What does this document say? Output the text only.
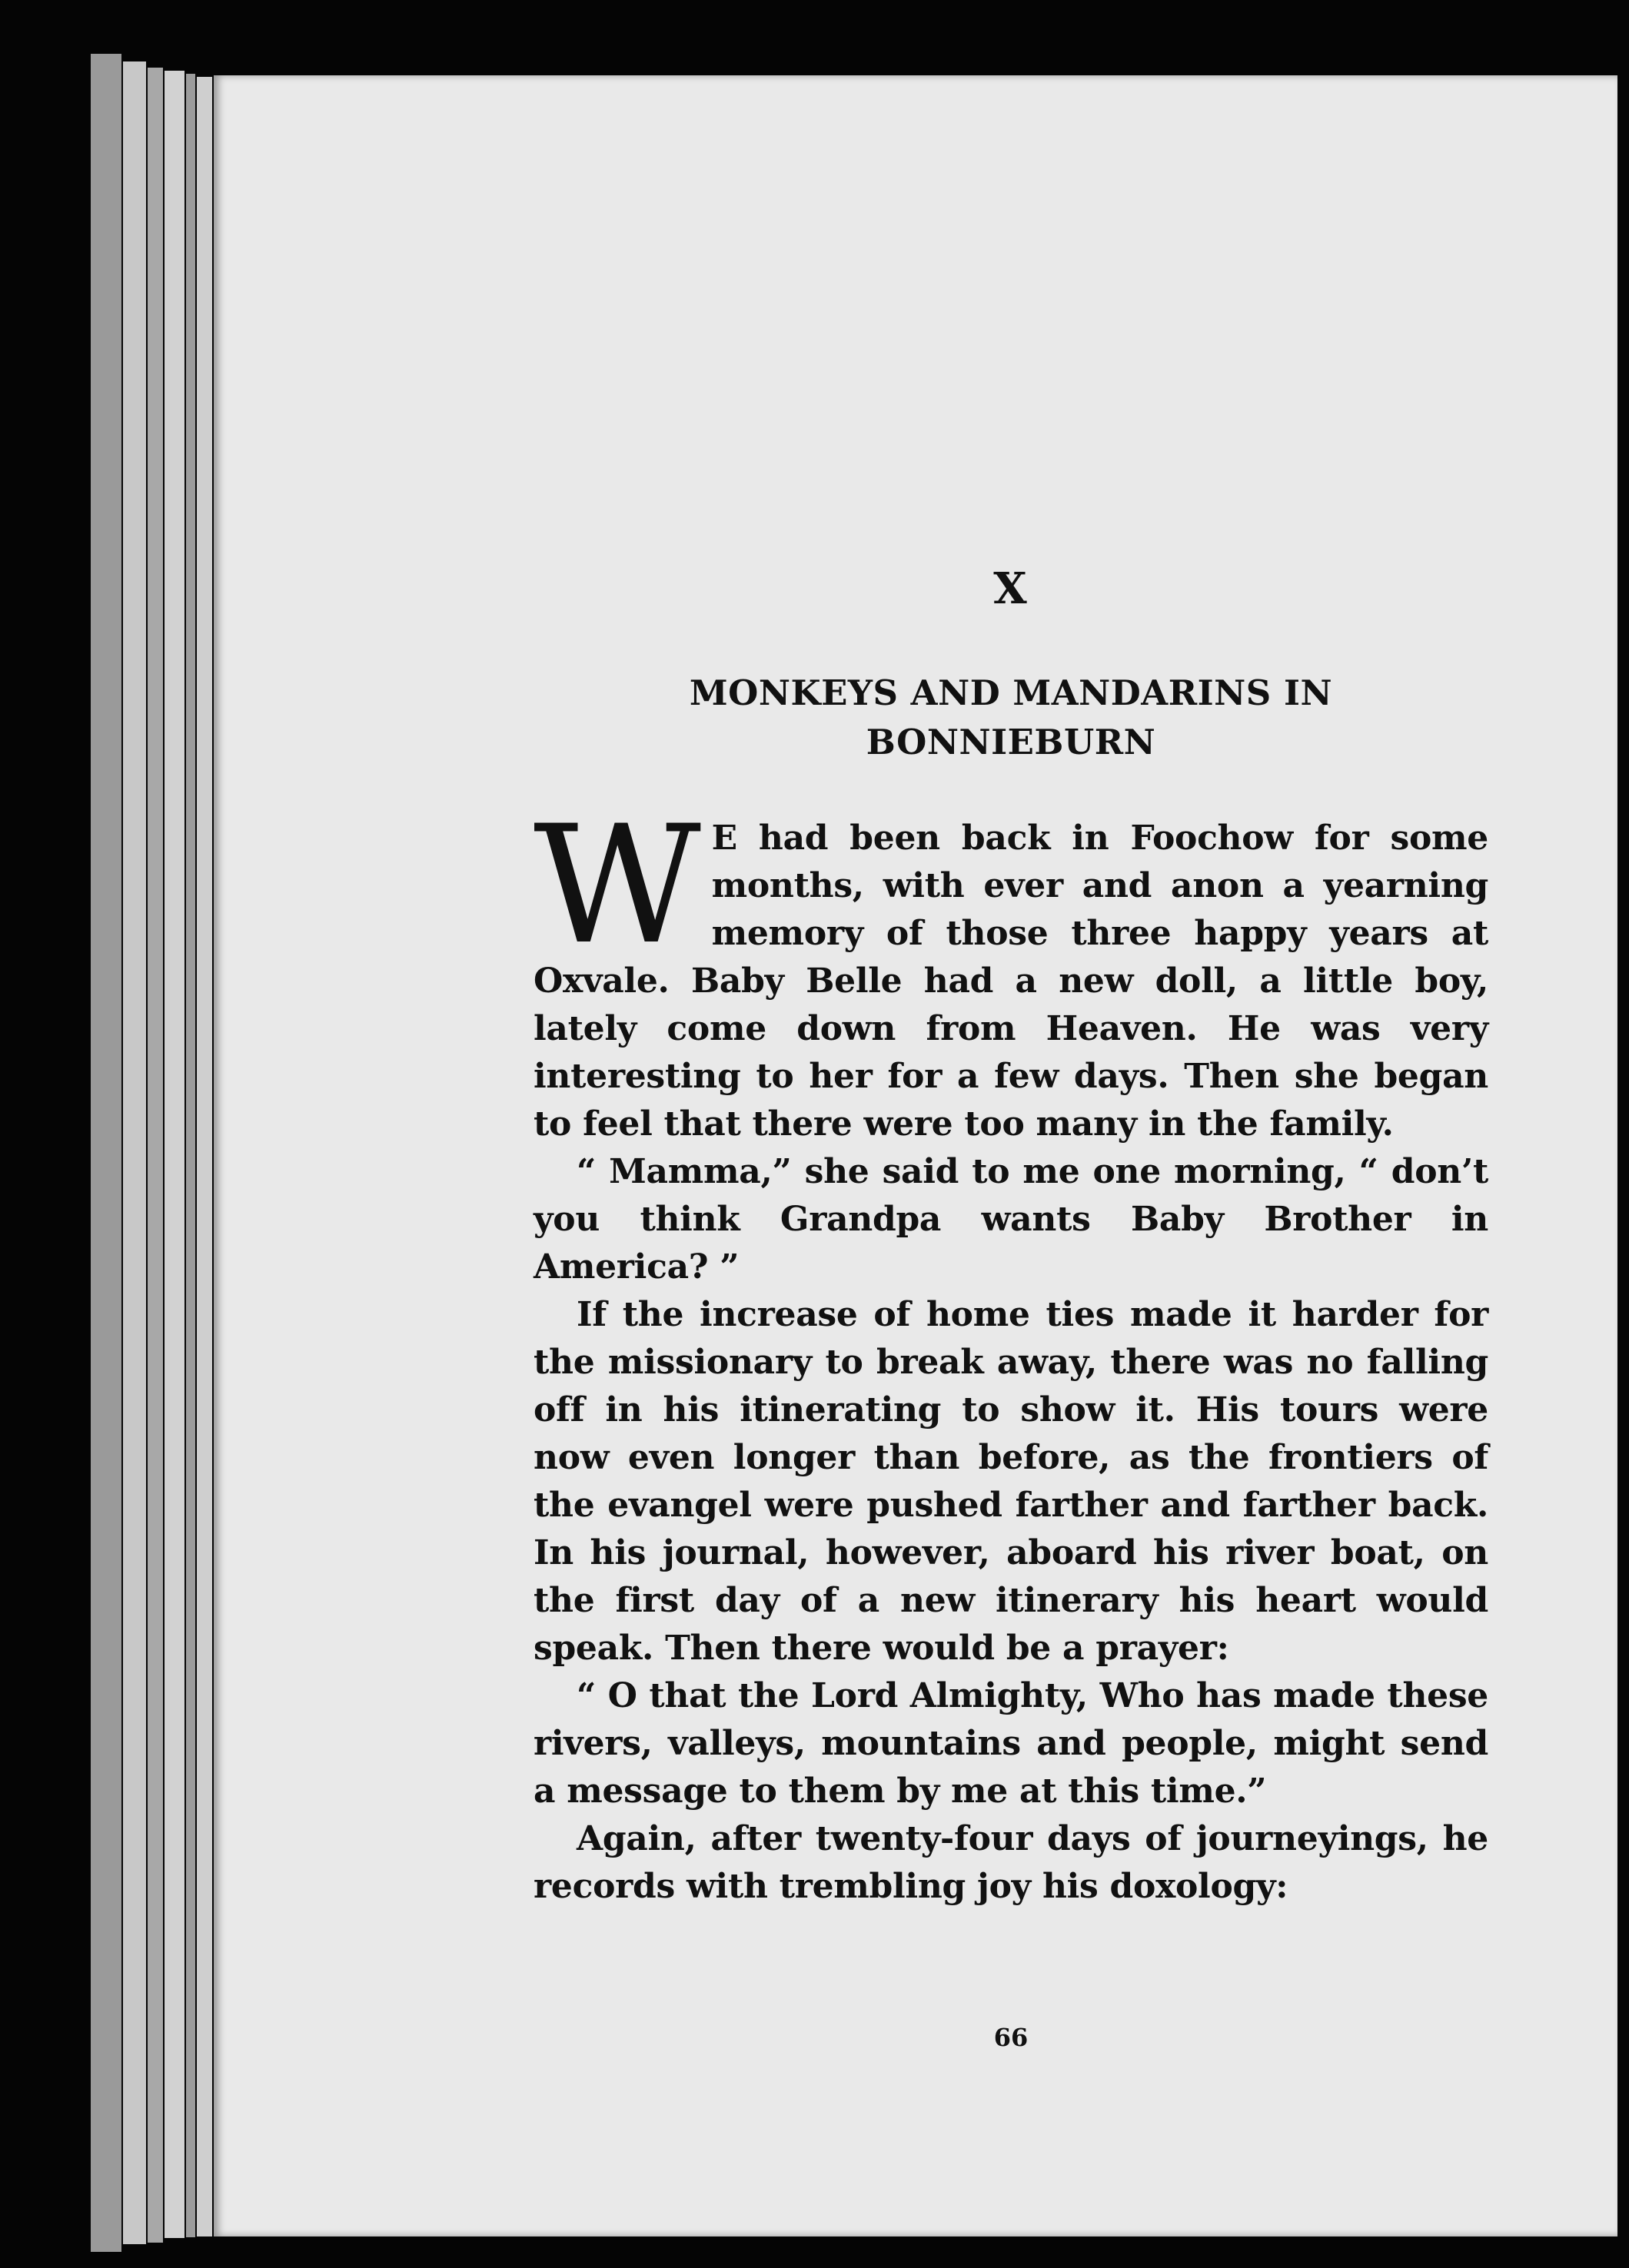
X
MONKEYS AND MANDARINS IN
BONNIEBURN

WE had been back in Foochow for some months, with ever and anon a yearning memory of those three happy years at Oxvale. Baby Belle had a new doll, a little boy, lately come down from Heaven. He was very interesting to her for a few days. Then she began to feel that there were too many in the family.

“ Mamma,” she said to me one morning, “ don’t you think Grandpa wants Baby Brother in America? ”

If the increase of home ties made it harder for the missionary to break away, there was no falling off in his itinerating to show it. His tours were now even longer than before, as the frontiers of the evangel were pushed farther and farther back. In his journal, however, aboard his river boat, on the first day of a new itinerary his heart would speak. Then there would be a prayer:

“ O that the Lord Almighty, Who has made these rivers, valleys, mountains and people, might send a message to them by me at this time.”

Again, after twenty-four days of journeyings, he records with trembling joy his doxology:

66
